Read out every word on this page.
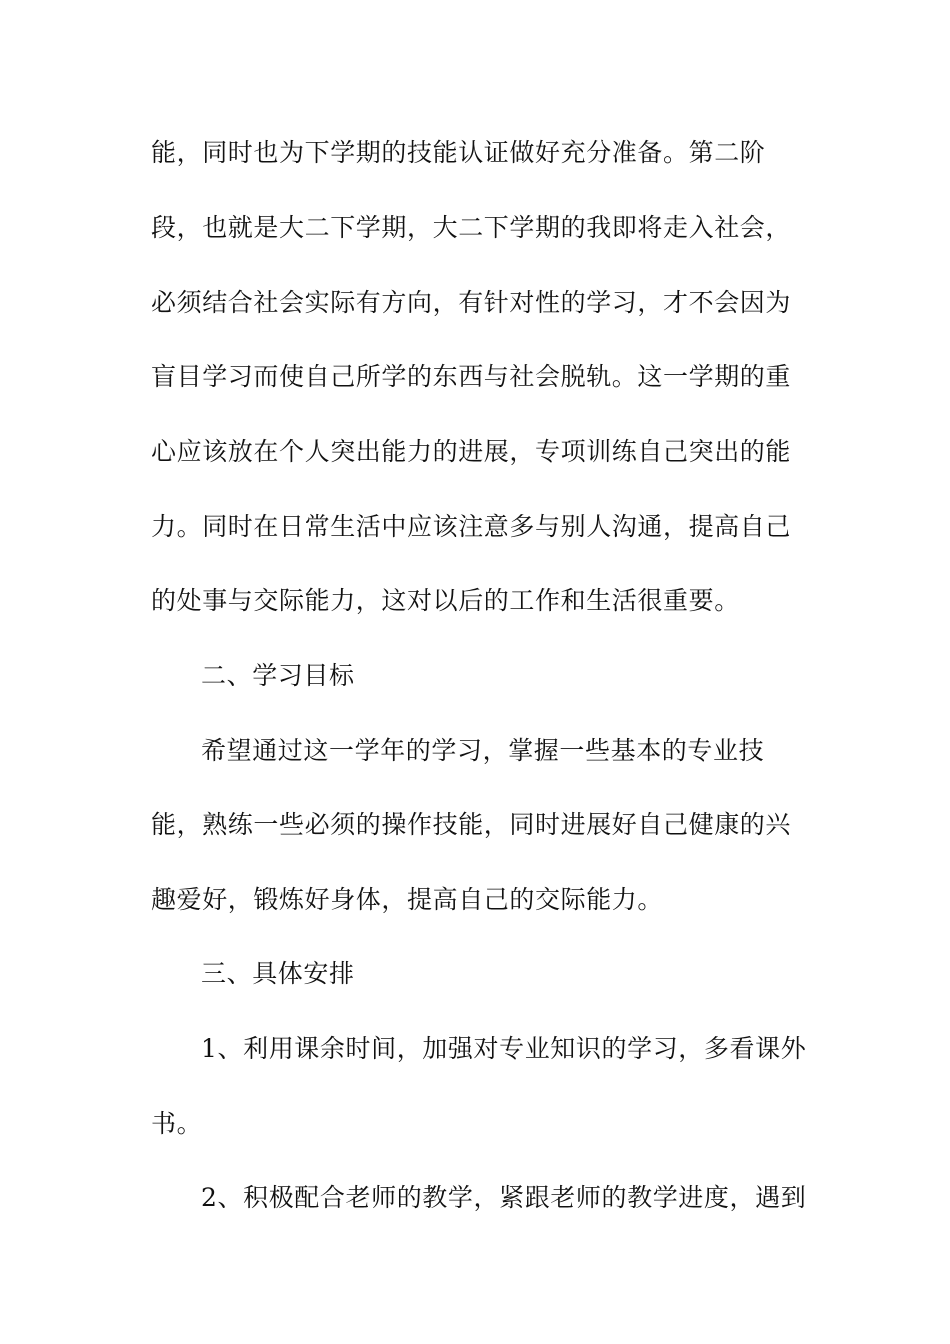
能，同时也为下学期的技能认证做好充分准备。第二阶
段，也就是大二下学期，大二下学期的我即将走入社会，
必须结合社会实际有方向，有针对性的学习，才不会因为
盲目学习而使自己所学的东西与社会脱轨。这一学期的重
心应该放在个人突出能力的进展，专项训练自己突出的能
力。同时在日常生活中应该注意多与别人沟通，提高自己
的处事与交际能力，这对以后的工作和生活很重要。
二、学习目标
希望通过这一学年的学习，掌握一些基本的专业技
能，熟练一些必须的操作技能，同时进展好自己健康的兴
趣爱好，锻炼好身体，提高自己的交际能力。
三、具体安排
1、利用课余时间，加强对专业知识的学习，多看课外
书。
2、积极配合老师的教学，紧跟老师的教学进度，遇到
